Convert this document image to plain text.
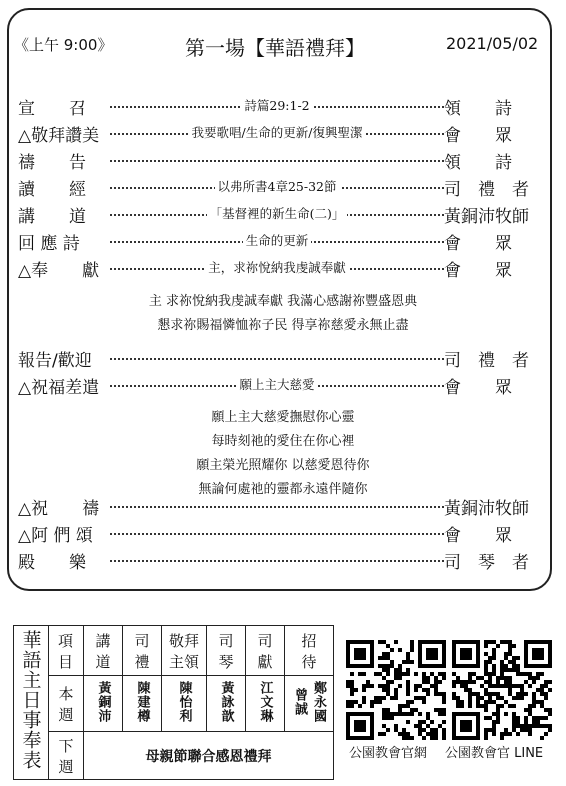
《上午 9:00》	第一場【華語禮拜】	2021/05/02
宣　　召	詩篇29:1-2	領　　詩
△敬拜讚美	我要歌唱/生命的更新/復興聖潔	會　　眾
禱　　告	領　　詩
讀　　經	以弗所書4章25-32節	司　禮　者
講　　道	「基督裡的新生命(二)」	黃銅沛牧師
回 應 詩	生命的更新	會　　眾
△奉　　獻	主，求祢悅納我虔誠奉獻	會　　眾
主 求祢悅納我虔誠奉獻 我滿心感謝祢豐盛恩典
懇求祢賜福憐恤祢子民 得享祢慈愛永無止盡
報告/歡迎	司　禮　者
△祝福差遣	願上主大慈愛	會　　眾
願上主大慈愛撫慰你心靈
每時刻祂的愛住在你心裡
願主榮光照耀你 以慈愛恩待你
無論何處祂的靈都永遠伴隨你
△祝　　禱	黃銅沛牧師
△阿 們 頌	會　　眾
殿　　樂	司　琴　者
華語主日事奉表	項目	講道	司禮	敬拜主領	司琴	司獻	招待
	本週	黃銅沛	陳建樽	陳怡利	黃詠歆	江文琳	鄭永國 曾誠
	下週	母親節聯合感恩禮拜						公園教會官網 公園教會官 LINE
